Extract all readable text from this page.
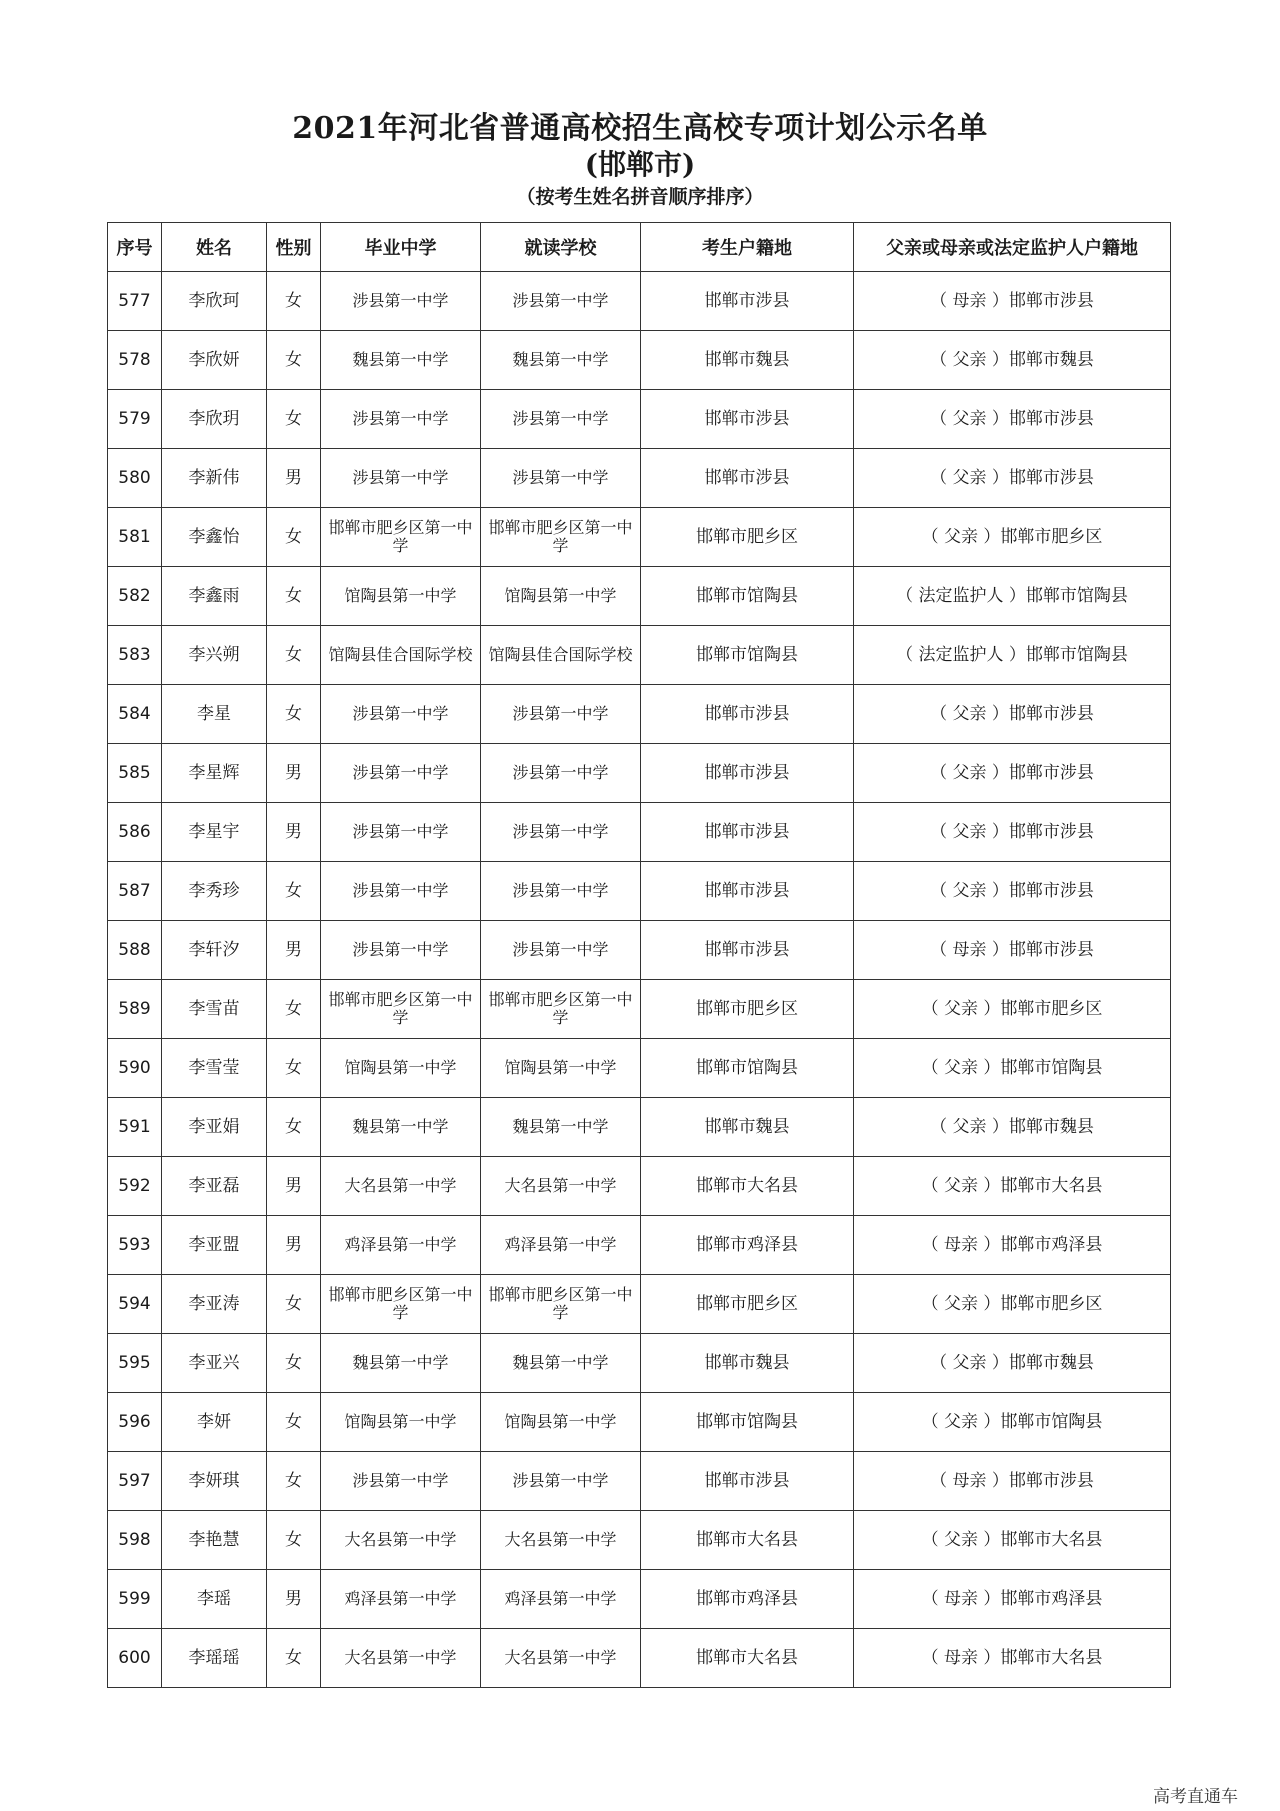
2021年河北省普通高校招生高校专项计划公示名单
(邯郸市)
（按考生姓名拼音顺序排序）
序号	姓名	性别	毕业中学	就读学校	考生户籍地	父亲或母亲或法定监护人户籍地
577	李欣珂	女	涉县第一中学	涉县第一中学	邯郸市涉县	（ 母亲 ）邯郸市涉县
578	李欣妍	女	魏县第一中学	魏县第一中学	邯郸市魏县	（ 父亲 ）邯郸市魏县
579	李欣玥	女	涉县第一中学	涉县第一中学	邯郸市涉县	（ 父亲 ）邯郸市涉县
580	李新伟	男	涉县第一中学	涉县第一中学	邯郸市涉县	（ 父亲 ）邯郸市涉县
581	李鑫怡	女	邯郸市肥乡区第一中学	邯郸市肥乡区第一中学	邯郸市肥乡区	（ 父亲 ）邯郸市肥乡区
582	李鑫雨	女	馆陶县第一中学	馆陶县第一中学	邯郸市馆陶县	（ 法定监护人 ）邯郸市馆陶县
583	李兴朔	女	馆陶县佳合国际学校	馆陶县佳合国际学校	邯郸市馆陶县	（ 法定监护人 ）邯郸市馆陶县
584	李星	女	涉县第一中学	涉县第一中学	邯郸市涉县	（ 父亲 ）邯郸市涉县
585	李星辉	男	涉县第一中学	涉县第一中学	邯郸市涉县	（ 父亲 ）邯郸市涉县
586	李星宇	男	涉县第一中学	涉县第一中学	邯郸市涉县	（ 父亲 ）邯郸市涉县
587	李秀珍	女	涉县第一中学	涉县第一中学	邯郸市涉县	（ 父亲 ）邯郸市涉县
588	李轩汐	男	涉县第一中学	涉县第一中学	邯郸市涉县	（ 母亲 ）邯郸市涉县
589	李雪苗	女	邯郸市肥乡区第一中学	邯郸市肥乡区第一中学	邯郸市肥乡区	（ 父亲 ）邯郸市肥乡区
590	李雪莹	女	馆陶县第一中学	馆陶县第一中学	邯郸市馆陶县	（ 父亲 ）邯郸市馆陶县
591	李亚娟	女	魏县第一中学	魏县第一中学	邯郸市魏县	（ 父亲 ）邯郸市魏县
592	李亚磊	男	大名县第一中学	大名县第一中学	邯郸市大名县	（ 父亲 ）邯郸市大名县
593	李亚盟	男	鸡泽县第一中学	鸡泽县第一中学	邯郸市鸡泽县	（ 母亲 ）邯郸市鸡泽县
594	李亚涛	女	邯郸市肥乡区第一中学	邯郸市肥乡区第一中学	邯郸市肥乡区	（ 父亲 ）邯郸市肥乡区
595	李亚兴	女	魏县第一中学	魏县第一中学	邯郸市魏县	（ 父亲 ）邯郸市魏县
596	李妍	女	馆陶县第一中学	馆陶县第一中学	邯郸市馆陶县	（ 父亲 ）邯郸市馆陶县
597	李妍琪	女	涉县第一中学	涉县第一中学	邯郸市涉县	（ 母亲 ）邯郸市涉县
598	李艳慧	女	大名县第一中学	大名县第一中学	邯郸市大名县	（ 父亲 ）邯郸市大名县
599	李瑶	男	鸡泽县第一中学	鸡泽县第一中学	邯郸市鸡泽县	（ 母亲 ）邯郸市鸡泽县
600	李瑶瑶	女	大名县第一中学	大名县第一中学	邯郸市大名县	（ 母亲 ）邯郸市大名县
高考直通车
